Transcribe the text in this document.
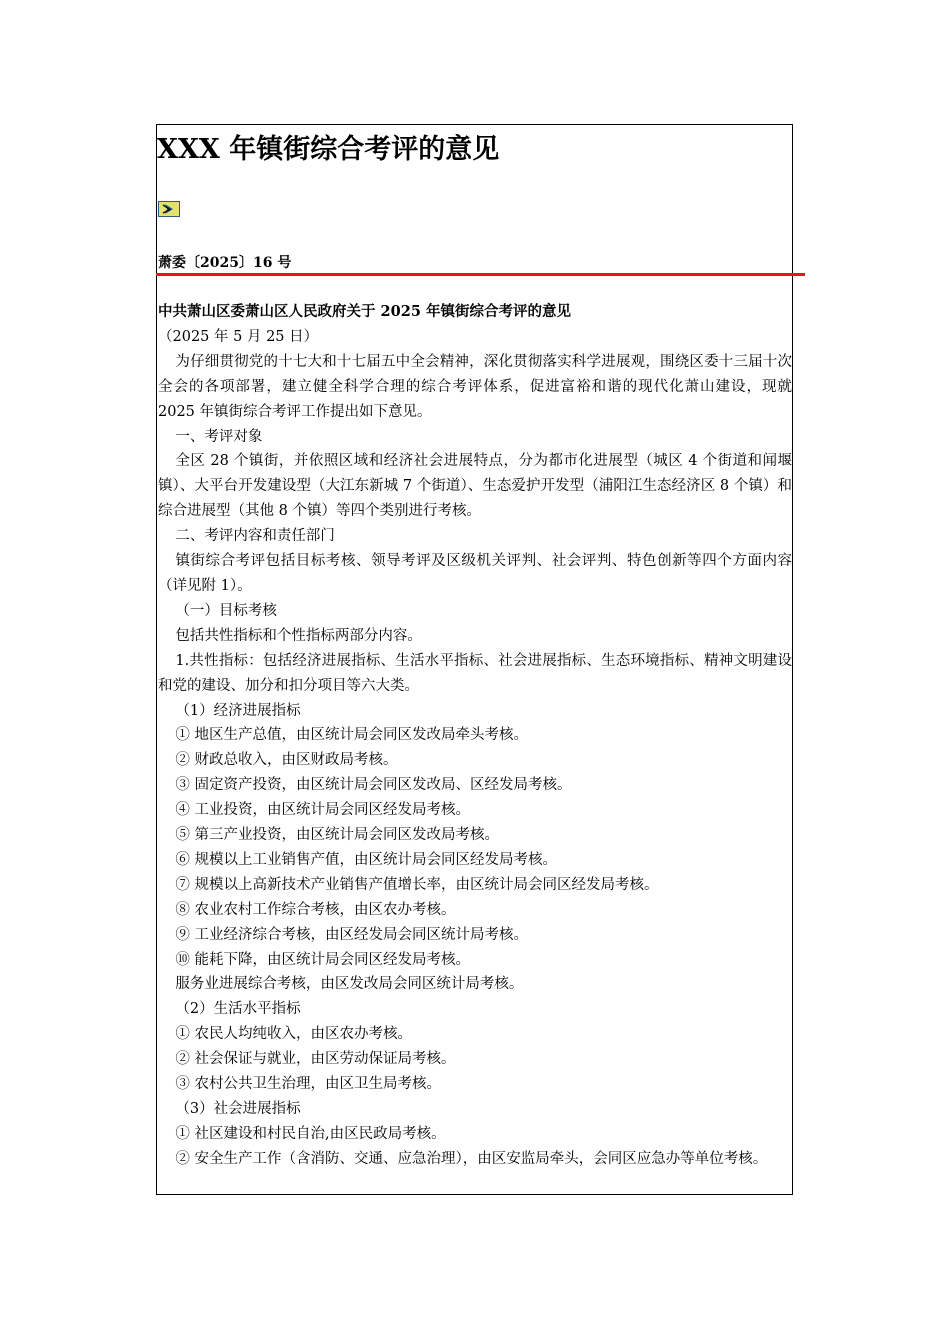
XXX 年镇街综合考评的意见
萧委〔2025〕16 号

中共萧山区委萧山区人民政府关于 2025 年镇街综合考评的意见

（2025 年 5 月 25 日）

为仔细贯彻党的十七大和十七届五中全会精神，深化贯彻落实科学进展观，围绕区委十三届十次全会的各项部署，建立健全科学合理的综合考评体系，促进富裕和谐的现代化萧山建设，现就 2025 年镇街综合考评工作提出如下意见。

一、考评对象

全区 28 个镇街，并依照区域和经济社会进展特点，分为都市化进展型（城区 4 个街道和闻堰镇）、大平台开发建设型（大江东新城 7 个街道）、生态爱护开发型（浦阳江生态经济区 8 个镇）和综合进展型（其他 8 个镇）等四个类别进行考核。

二、考评内容和责任部门

镇街综合考评包括目标考核、领导考评及区级机关评判、社会评判、特色创新等四个方面内容（详见附 1）。

（一）目标考核

包括共性指标和个性指标两部分内容。

1.共性指标：包括经济进展指标、生活水平指标、社会进展指标、生态环境指标、精神文明建设和党的建设、加分和扣分项目等六大类。

（1）经济进展指标

① 地区生产总值，由区统计局会同区发改局牵头考核。

② 财政总收入，由区财政局考核。

③ 固定资产投资，由区统计局会同区发改局、区经发局考核。

④ 工业投资，由区统计局会同区经发局考核。

⑤ 第三产业投资，由区统计局会同区发改局考核。

⑥ 规模以上工业销售产值，由区统计局会同区经发局考核。

⑦ 规模以上高新技术产业销售产值增长率，由区统计局会同区经发局考核。

⑧ 农业农村工作综合考核，由区农办考核。

⑨ 工业经济综合考核，由区经发局会同区统计局考核。

⑩ 能耗下降，由区统计局会同区经发局考核。

服务业进展综合考核，由区发改局会同区统计局考核。

（2）生活水平指标

① 农民人均纯收入，由区农办考核。

② 社会保证与就业，由区劳动保证局考核。

③ 农村公共卫生治理，由区卫生局考核。

（3）社会进展指标

① 社区建设和村民自治,由区民政局考核。

② 安全生产工作（含消防、交通、应急治理），由区安监局牵头，会同区应急办等单位考核。
